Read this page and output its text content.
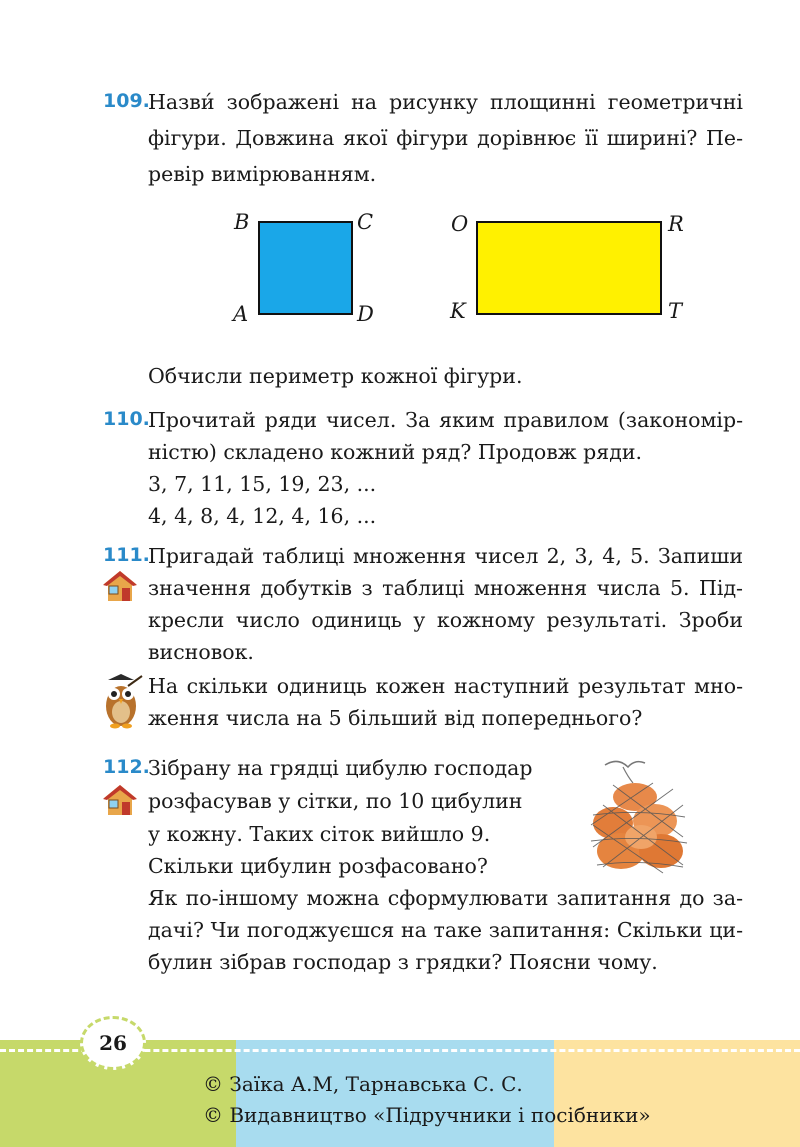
109.
Назви́ зображені на рисунку площинні геометричні
фігури. Довжина якої фігури дорівнює її ширині? Пе-
ревір вимірюванням.
B	C
A	D
O	R
K	T
Обчисли периметр кожної фігури.
110.
Прочитай ряди чисел. За яким правилом (закономір-
ністю) складено кожний ряд? Продовж ряди.
3, 7, 11, 15, 19, 23, ...
4, 4, 8, 4, 12, 4, 16, ...
111.
Пригадай таблиці множення чисел 2, 3, 4, 5. Запиши
значення добутків з таблиці множення числа 5. Під-
кресли число одиниць у кожному результаті. Зроби
висновок.
На скільки одиниць кожен наступний результат мно-
ження числа на 5 більший від попереднього?
112.
Зібрану на грядці цибулю господар
розфасував у сітки, по 10 цибулин
у кожну. Таких сіток вийшло 9.
Скільки цибулин розфасовано?
Як по-іншому можна сформулювати запитання до за-
дачі? Чи погоджуєшся на таке запитання: Скільки ци-
булин зібрав господар з грядки? Поясни чому.
26
© Заїка А.М, Тарнавська С. С.
© Видавництво «Підручники і посібники»
